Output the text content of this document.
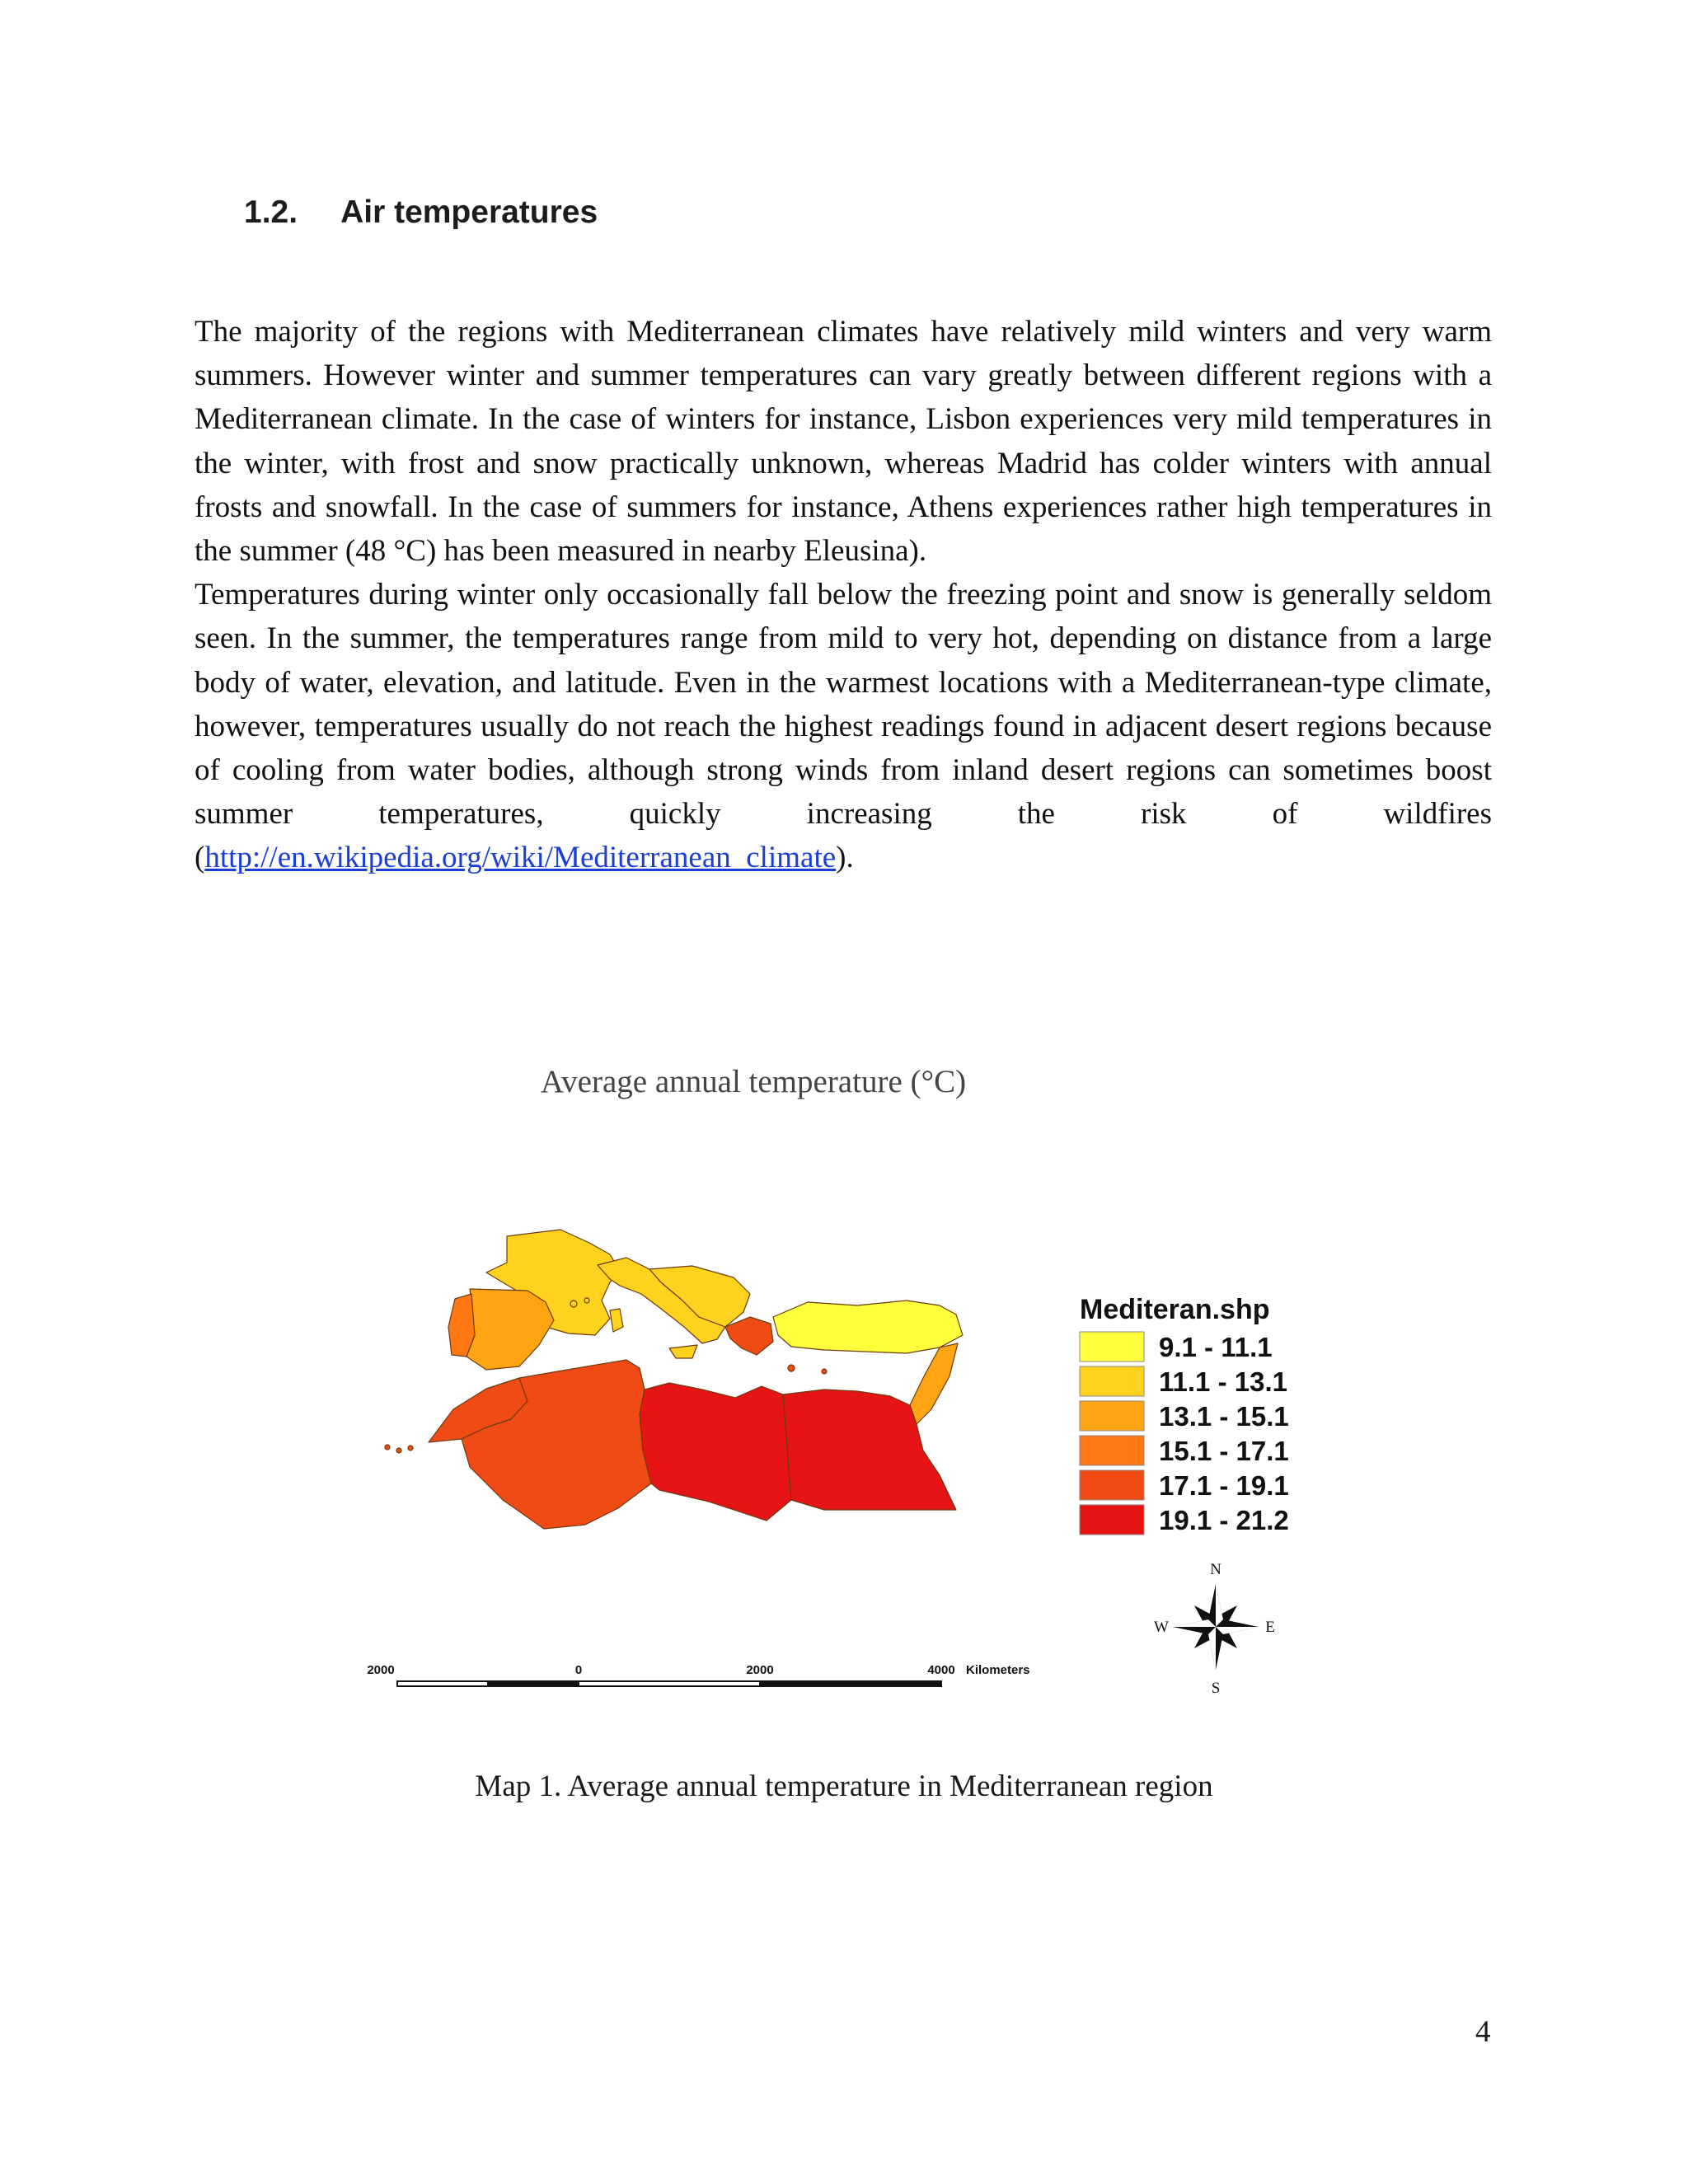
1.2. Air temperatures

The majority of the regions with Mediterranean climates have relatively mild winters and very warm summers. However winter and summer temperatures can vary greatly between different regions with a Mediterranean climate. In the case of winters for instance, Lisbon experiences very mild temperatures in the winter, with frost and snow practically unknown, whereas Madrid has colder winters with annual frosts and snowfall. In the case of summers for instance, Athens experiences rather high temperatures in the summer (48 °C) has been measured in nearby Eleusina).

Temperatures during winter only occasionally fall below the freezing point and snow is generally seldom seen. In the summer, the temperatures range from mild to very hot, depending on distance from a large body of water, elevation, and latitude. Even in the warmest locations with a Mediterranean-type climate, however, temperatures usually do not reach the highest readings found in adjacent desert regions because of cooling from water bodies, although strong winds from inland desert regions can sometimes boost summer temperatures, quickly increasing the risk of wildfires (http://en.wikipedia.org/wiki/Mediterranean_climate).

Average annual temperature (°C)
Mediteran.shp
9.1 - 11.1
11.1 - 13.1
13.1 - 15.1
15.1 - 17.1
17.1 - 19.1
19.1 - 21.2
N
S
E
W
2000	0	2000	4000 Kilometers
Map 1. Average annual temperature in Mediterranean region
4
